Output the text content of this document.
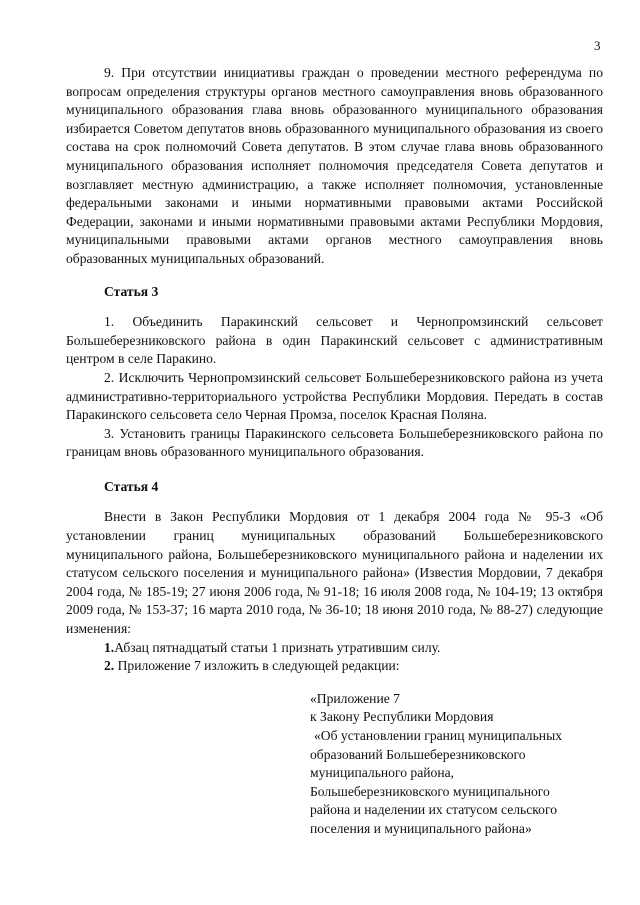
3

9. При отсутствии инициативы граждан о проведении местного референдума по вопросам определения структуры органов местного самоуправления вновь образованного муниципального образования глава вновь образованного муниципального образования избирается Советом депутатов вновь образованного муниципального образования из своего состава на срок полномочий Совета депутатов. В этом случае глава вновь образованного муниципального образования исполняет полномочия председателя Совета депутатов и возглавляет местную администрацию, а также исполняет полномочия, установленные федеральными законами и иными нормативными правовыми актами Российской Федерации, законами и иными нормативными правовыми актами Республики Мордовия, муниципальными правовыми актами органов местного самоуправления вновь образованных муниципальных образований.

Статья 3

1. Объединить Паракинский сельсовет и Чернопромзинский сельсовет Большеберезниковского района в один Паракинский сельсовет с административным центром в селе Паракино.

2. Исключить Чернопромзинский сельсовет Большеберезниковского района из учета административно-территориального устройства Республики Мордовия. Передать в состав Паракинского сельсовета село Черная Промза, поселок Красная Поляна.

3. Установить границы Паракинского сельсовета Большеберезниковского района по границам вновь образованного муниципального образования.

Статья 4

Внести в Закон Республики Мордовия от 1 декабря 2004 года № 95-З «Об установлении границ муниципальных образований Большеберезниковского муниципального района, Большеберезниковского муниципального района и наделении их статусом сельского поселения и муниципального района» (Известия Мордовии, 7 декабря 2004 года, № 185-19; 27 июня 2006 года, № 91-18; 16 июля 2008 года, № 104-19; 13 октября 2009 года, № 153-37; 16 марта 2010 года, № 36-10; 18 июня 2010 года, № 88-27) следующие изменения:

1.Абзац пятнадцатый статьи 1 признать утратившим силу.

2. Приложение 7 изложить в следующей редакции:

«Приложение 7
к Закону Республики Мордовия
«Об установлении границ муниципальных
образований Большеберезниковского
муниципального района,
Большеберезниковского муниципального
района и наделении их статусом сельского
поселения и муниципального района»
